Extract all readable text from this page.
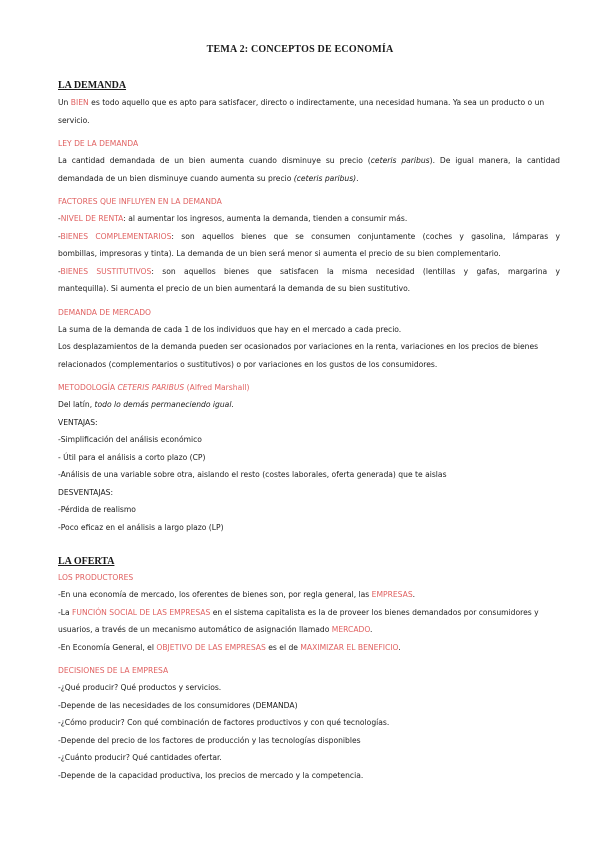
TEMA 2: CONCEPTOS DE ECONOMÍA
LA DEMANDA

Un BIEN es todo aquello que es apto para satisfacer, directo o indirectamente, una necesidad humana. Ya sea un producto o un

servicio.

LEY DE LA DEMANDA

La cantidad demandada de un bien aumenta cuando disminuye su precio (ceteris paribus). De igual manera, la cantidad

demandada de un bien disminuye cuando aumenta su precio (ceteris paribus).

FACTORES QUE INFLUYEN EN LA DEMANDA

-NIVEL DE RENTA: al aumentar los ingresos, aumenta la demanda, tienden a consumir más.

-BIENES COMPLEMENTARIOS: son aquellos bienes que se consumen conjuntamente (coches y gasolina, lámparas y

bombillas, impresoras y tinta). La demanda de un bien será menor si aumenta el precio de su bien complementario.

-BIENES SUSTITUTIVOS: son aquellos bienes que satisfacen la misma necesidad (lentillas y gafas, margarina y

mantequilla). Si aumenta el precio de un bien aumentará la demanda de su bien sustitutivo.

DEMANDA DE MERCADO

La suma de la demanda de cada 1 de los individuos que hay en el mercado a cada precio.

Los desplazamientos de la demanda pueden ser ocasionados por variaciones en la renta, variaciones en los precios de bienes

relacionados (complementarios o sustitutivos) o por variaciones en los gustos de los consumidores.

METODOLOGÍA CETERIS PARIBUS (Alfred Marshall)

Del latín, todo lo demás permaneciendo igual.

VENTAJAS:

-Simplificación del análisis económico

- Útil para el análisis a corto plazo (CP)

-Análisis de una variable sobre otra, aislando el resto (costes laborales, oferta generada) que te aislas

DESVENTAJAS:

-Pérdida de realismo

-Poco eficaz en el análisis a largo plazo (LP)

LA OFERTA
LOS PRODUCTORES

-En una economía de mercado, los oferentes de bienes son, por regla general, las EMPRESAS.

-La FUNCIÓN SOCIAL DE LAS EMPRESAS en el sistema capitalista es la de proveer los bienes demandados por consumidores y

usuarios, a través de un mecanismo automático de asignación llamado MERCADO.

-En Economía General, el OBJETIVO DE LAS EMPRESAS es el de MAXIMIZAR EL BENEFICIO.

DECISIONES DE LA EMPRESA

-¿Qué producir? Qué productos y servicios.

-Depende de las necesidades de los consumidores (DEMANDA)

-¿Cómo producir? Con qué combinación de factores productivos y con qué tecnologías.

-Depende del precio de los factores de producción y las tecnologías disponibles

-¿Cuánto producir? Qué cantidades ofertar.

-Depende de la capacidad productiva, los precios de mercado y la competencia.
